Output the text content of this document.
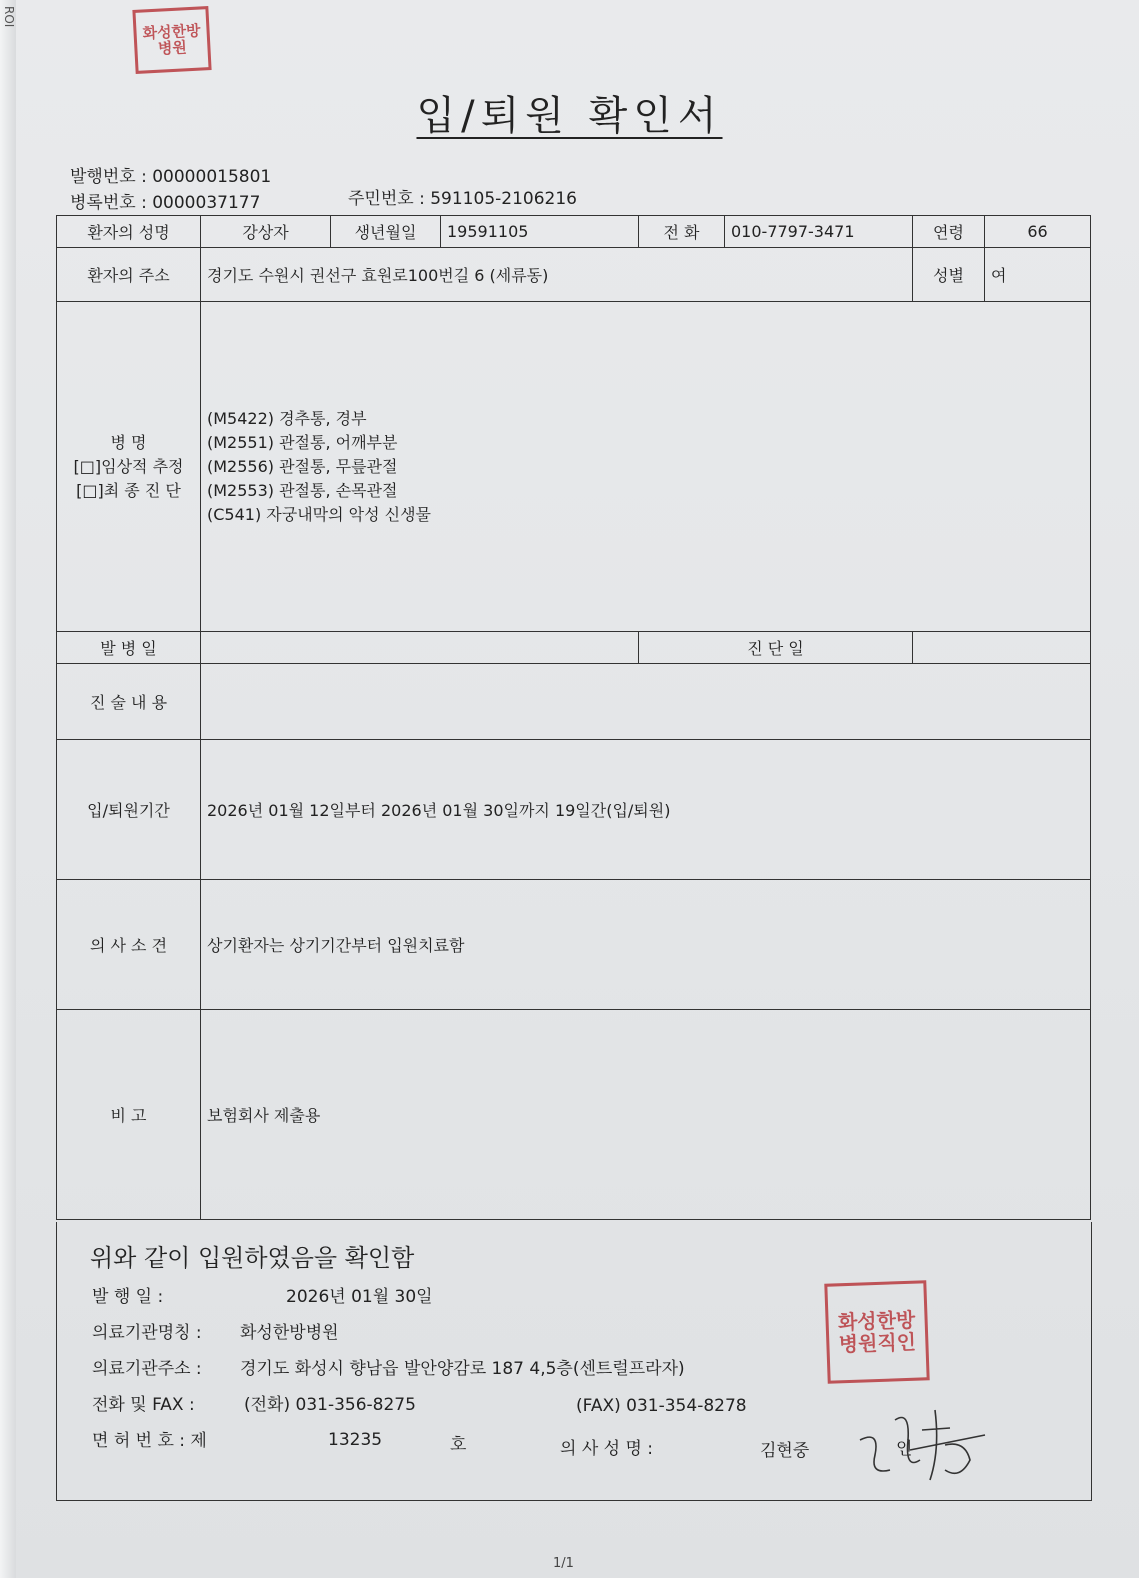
ROI
화성한방병원
입/퇴원 확인서
발행번호 : 00000015801
병록번호 : 0000037177	주민번호 : 591105-2106216
환자의 성명	강상자	생년월일	19591105	전 화	010-7797-3471	연령	66
환자의 주소	경기도 수원시 권선구 효원로100번길 6 (세류동)					성별	여

병 명
[□]임상적 추정
[□]최 종 진 단	(M5422) 경추통, 경부
(M2551) 관절통, 어깨부분
(M2556) 관절통, 무릎관절
(M2553) 관절통, 손목관절
(C541) 자궁내막의 악성 신생물						

발 병 일				진 단 일			
진 술 내 용							
입/퇴원기간	2026년 01월 12일부터 2026년 01월 30일까지 19일간(입/퇴원)						
의 사 소 견	상기환자는 상기기간부터 입원치료함						
비 고	보험회사 제출용						
위와 같이 입원하였음을 확인함
발 행 일 :	2026년 01월 30일
의료기관명칭 : 화성한방병원
의료기관주소 : 경기도 화성시 향남읍 발안양감로 187 4,5층(센트럴프라자)
전화 및 FAX :	(전화) 031-356-8275	(FAX) 031-354-8278
면 허 번 호 : 제	13235	호	의 사 성 명 :	김현중	인
화성한방병원직인
1/1
